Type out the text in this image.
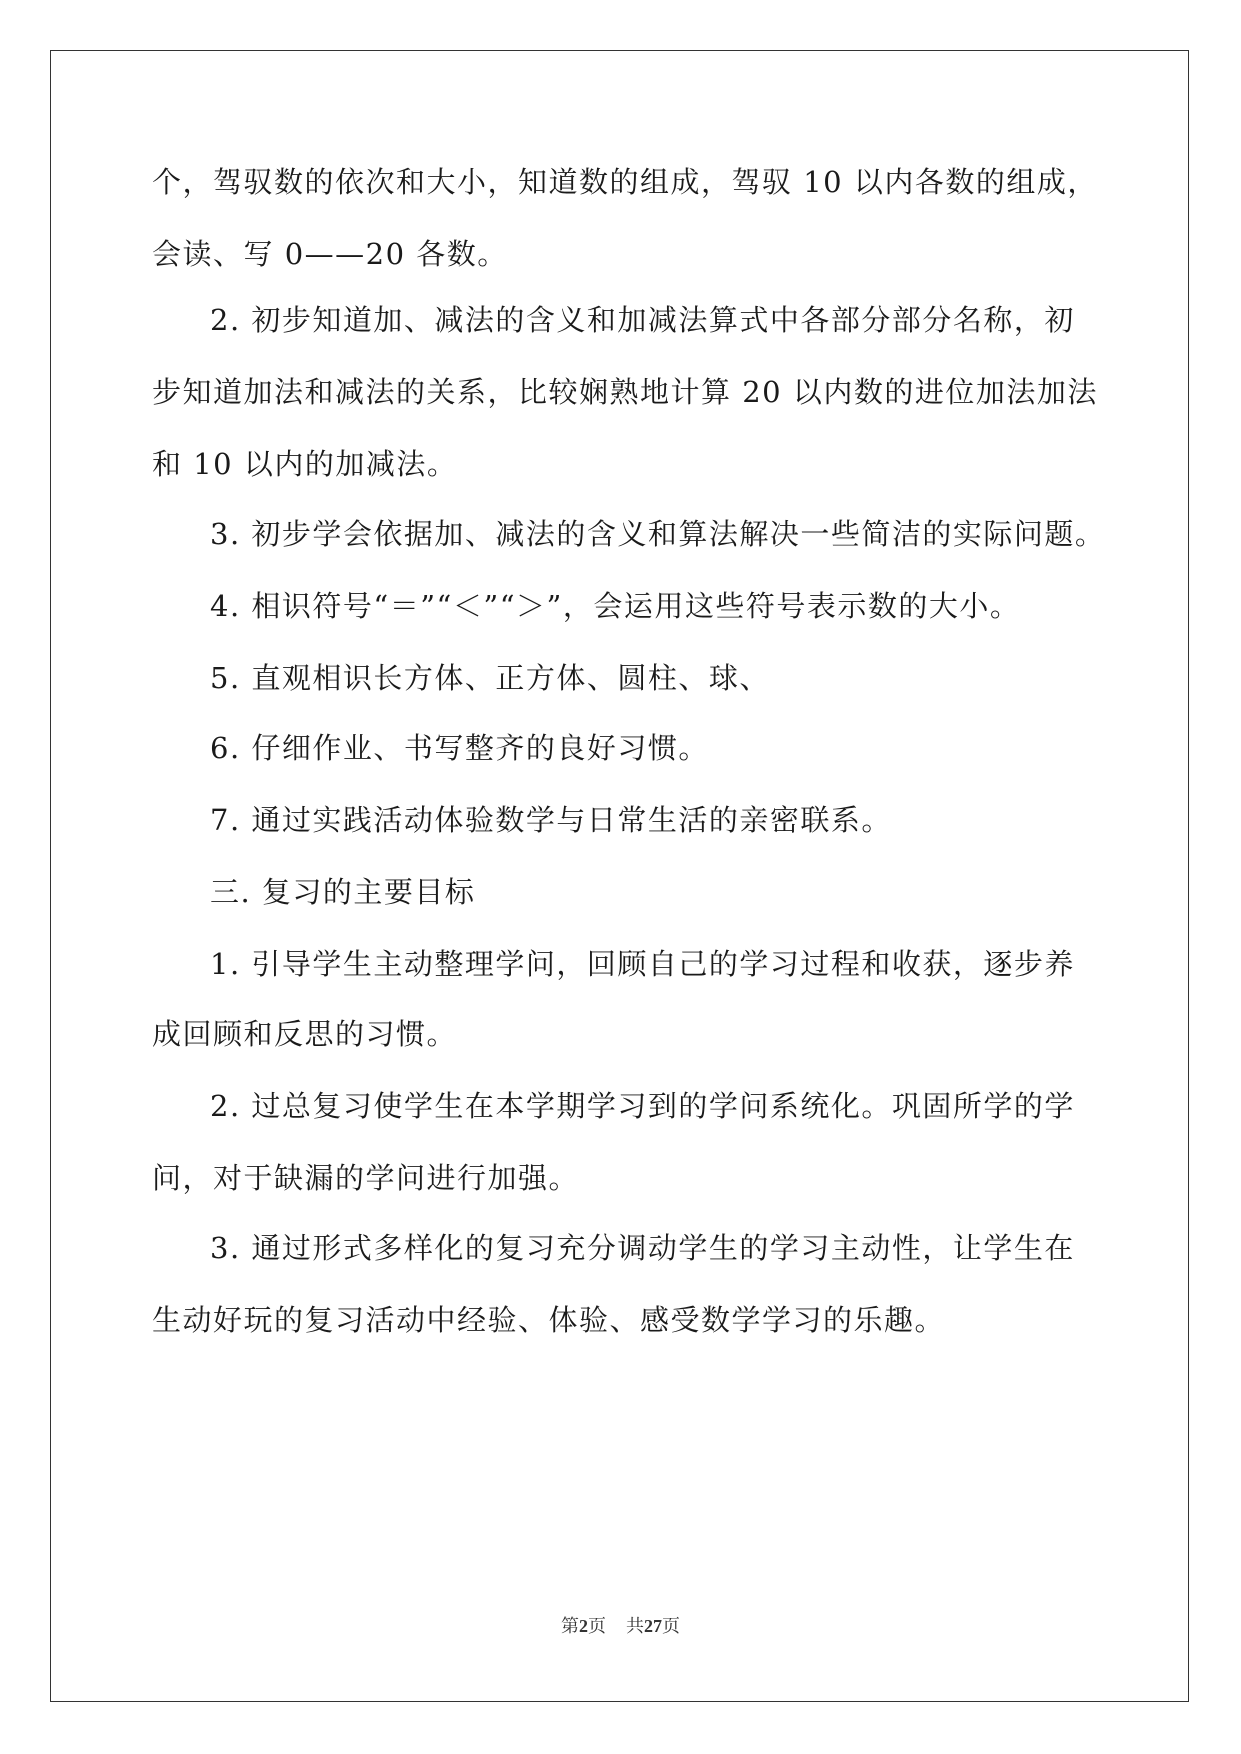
个，驾驭数的依次和大小，知道数的组成，驾驭 10 以内各数的组成，
会读、写 0——20 各数。
2. 初步知道加、减法的含义和加减法算式中各部分部分名称，初
步知道加法和减法的关系，比较娴熟地计算 20 以内数的进位加法加法
和 10 以内的加减法。
3. 初步学会依据加、减法的含义和算法解决一些简洁的实际问题。
4. 相识符号“＝”“＜”“＞”，会运用这些符号表示数的大小。
5. 直观相识长方体、正方体、圆柱、球、
6. 仔细作业、书写整齐的良好习惯。
7. 通过实践活动体验数学与日常生活的亲密联系。
三. 复习的主要目标
1. 引导学生主动整理学问，回顾自己的学习过程和收获，逐步养
成回顾和反思的习惯。
2. 过总复习使学生在本学期学习到的学问系统化。巩固所学的学
问，对于缺漏的学问进行加强。
3. 通过形式多样化的复习充分调动学生的学习主动性，让学生在
生动好玩的复习活动中经验、体验、感受数学学习的乐趣。
第2页 共27页
